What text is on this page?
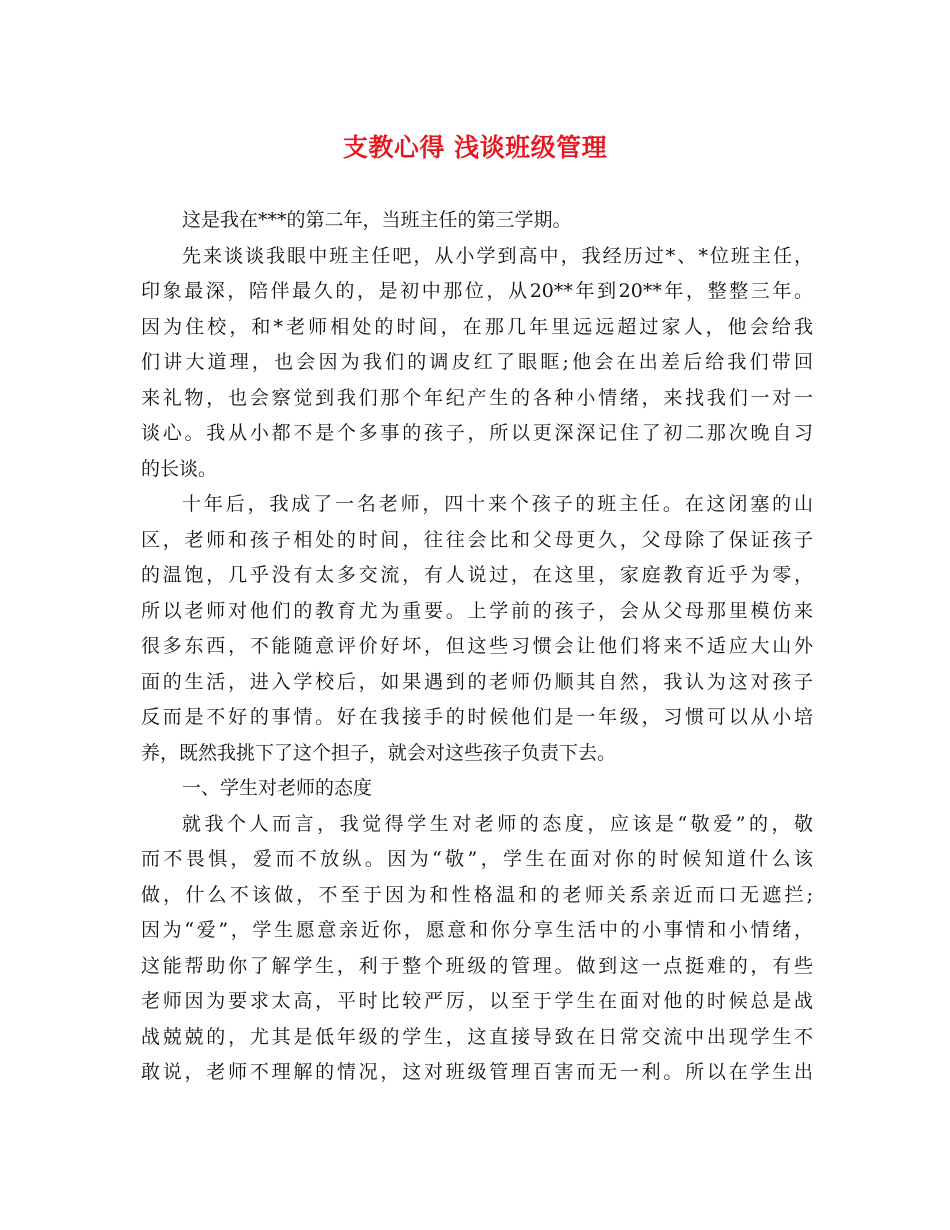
支教心得 浅谈班级管理
这是我在***的第二年，当班主任的第三学期。
先来谈谈我眼中班主任吧，从小学到高中，我经历过*、*位班主任，
印象最深，陪伴最久的，是初中那位，从20**年到20**年，整整三年。
因为住校，和*老师相处的时间，在那几年里远远超过家人，他会给我
们讲大道理，也会因为我们的调皮红了眼眶;他会在出差后给我们带回
来礼物，也会察觉到我们那个年纪产生的各种小情绪，来找我们一对一
谈心。我从小都不是个多事的孩子，所以更深深记住了初二那次晚自习
的长谈。
十年后，我成了一名老师，四十来个孩子的班主任。在这闭塞的山
区，老师和孩子相处的时间，往往会比和父母更久，父母除了保证孩子
的温饱，几乎没有太多交流，有人说过，在这里，家庭教育近乎为零，
所以老师对他们的教育尤为重要。上学前的孩子，会从父母那里模仿来
很多东西，不能随意评价好坏，但这些习惯会让他们将来不适应大山外
面的生活，进入学校后，如果遇到的老师仍顺其自然，我认为这对孩子
反而是不好的事情。好在我接手的时候他们是一年级，习惯可以从小培
养，既然我挑下了这个担子，就会对这些孩子负责下去。
一、学生对老师的态度
就我个人而言，我觉得学生对老师的态度，应该是“敬爱”的，敬
而不畏惧，爱而不放纵。因为“敬”，学生在面对你的时候知道什么该
做，什么不该做，不至于因为和性格温和的老师关系亲近而口无遮拦;
因为“爱”，学生愿意亲近你，愿意和你分享生活中的小事情和小情绪，
这能帮助你了解学生，利于整个班级的管理。做到这一点挺难的，有些
老师因为要求太高，平时比较严厉，以至于学生在面对他的时候总是战
战兢兢的，尤其是低年级的学生，这直接导致在日常交流中出现学生不
敢说，老师不理解的情况，这对班级管理百害而无一利。所以在学生出
